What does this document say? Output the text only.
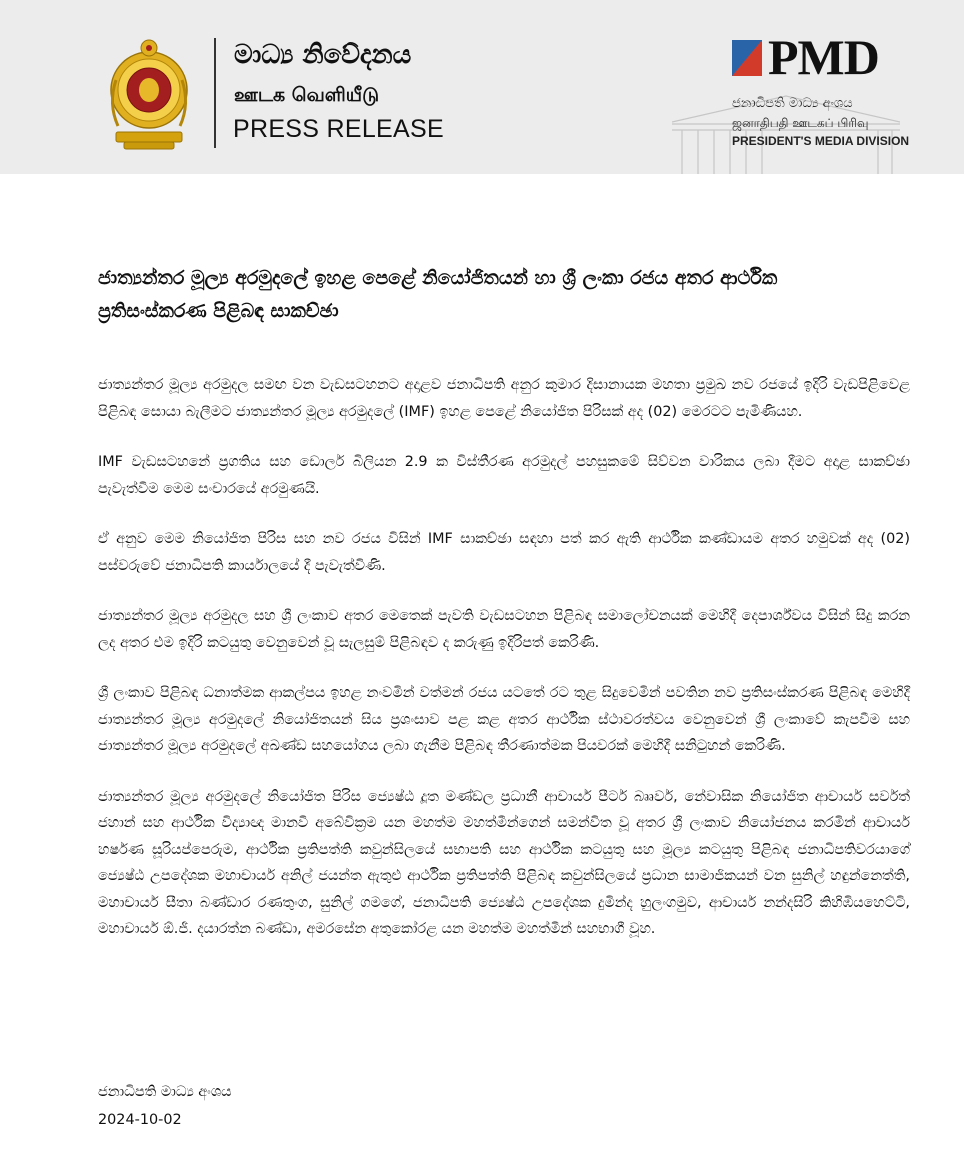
මාධ්‍ය නිවේදනය
ஊடக வெளியீடு
PRESS RELEASE
PMD
ජනාධිපති මාධ්‍ය අංශය
ஜனாதிபதி ஊடகப் பிரிவு
PRESIDENT'S MEDIA DIVISION
ජාත්‍යන්තර මූල්‍ය අරමුදලේ ඉහළ පෙළේ නියෝජිතයන් හා ශ්‍රී ලංකා රජය අතර ආර්ථික ප්‍රතිසංස්කරණ පිළිබඳ සාකච්ඡා

ජාත්‍යන්තර මූල්‍ය අරමුදල සමඟ වන වැඩසටහනට අදාළව ජනාධිපති අනුර කුමාර දිසානායක මහතා ප්‍රමුඛ නව රජයේ ඉදිරි වැඩපිළිවෙළ පිළිබඳ සොයා බැලීමට ජාත්‍යන්තර මූල්‍ය අරමුදලේ (IMF) ඉහළ පෙළේ නියෝජිත පිරිසක් අද (02) මෙරටට පැමිණියහ.

IMF වැඩසටහනේ ප්‍රගතිය සහ ඩොලර් බිලියන 2.9 ක විස්තීරණ අරමුදල් පහසුකමේ සිව්වන වාරිකය ලබා දීමට අදාළ සාකච්ඡා පැවැත්වීම මෙම සංචාරයේ අරමුණයි.

ඒ අනුව මෙම නියෝජිත පිරිස සහ නව රජය විසින් IMF සාකච්ඡා සඳහා පත් කර ඇති ආර්ථික කණ්ඩායම අතර හමුවක් අද (02) පස්වරුවේ ජනාධිපති කාර්යාලයේ දී පැවැත්විණි.

ජාත්‍යන්තර මූල්‍ය අරමුදල සහ ශ්‍රී ලංකාව අතර මෙතෙක් පැවති වැඩසටහන පිළිබඳ සමාලෝචනයක් මෙහිදී දෙපාර්ශ්වය විසින් සිදු කරන ලද අතර එම ඉදිරි කටයුතු වෙනුවෙන් වූ සැලසුම් පිළිබඳව ද කරුණු ඉදිරිපත් කෙරිණි.

ශ්‍රී ලංකාව පිළිබඳ ධනාත්මක ආකල්පය ඉහළ නංවමින් වත්මන් රජය යටතේ රට තුළ සිදුවෙමින් පවතින නව ප්‍රතිසංස්කරණ පිළිබඳ මෙහිදී ජාත්‍යන්තර මූල්‍ය අරමුදලේ නියෝජිතයන් සිය ප්‍රශංසාව පළ කළ අතර ආර්ථික ස්ථාවරත්වය වෙනුවෙන් ශ්‍රී ලංකාවේ කැපවීම සහ ජාත්‍යන්තර මූල්‍ය අරමුදලේ අඛණ්ඩ සහයෝගය ලබා ගැනීම පිළිබඳ තීරණාත්මක පියවරක් මෙහිදී සනිටුහන් කෙරිණි.

ජාත්‍යන්තර මූල්‍ය අරමුදලේ නියෝජිත පිරිස ජ්‍යෙෂ්ඨ දූත මණ්ඩල ප්‍රධානී ආචාර්ය පීටර් බෲවර්, නේවාසික නියෝජිත ආචාර්ය සර්වත් ජහාන් සහ ආර්ථික විද්‍යාඥ මානවී අබේවික්‍රම යන මහත්ම මහත්මීන්ගෙන් සමන්විත වූ අතර ශ්‍රී ලංකාව නියෝජනය කරමින් ආචාර්ය හර්ෂණ සූරියප්පෙරුම, ආර්ථික ප්‍රතිපත්ති කවුන්සිලයේ සභාපති සහ ආර්ථික කටයුතු සහ මූල්‍ය කටයුතු පිළිබඳ ජනාධිපතිවරයාගේ ජ්‍යෙෂ්ඨ උපදේශක මහාචාර්ය අනිල් ජයන්ත ඇතුළු ආර්ථික ප්‍රතිපත්ති පිළිබඳ කවුන්සිලයේ ප්‍රධාන සාමාජිකයන් වන සුනිල් හඳුන්නෙත්ති, මහාචාර්ය සීතා බණ්ඩාර රණතුංග, සුනිල් ගමගේ, ජනාධිපති ජ්‍යෙෂ්ඨ උපදේශක දුමින්ද හුලංගමුව, ආචාර්ය නන්දසිරි කිහිඹියහෙට්ටි, මහාචාර්ය ඕ.ජී. දයාරත්න බණ්ඩා, අමරසේන අතුකෝරළ යන මහත්ම මහත්මීන් සහභාගී වූහ.

ජනාධිපති මාධ්‍ය අංශය
2024-10-02
